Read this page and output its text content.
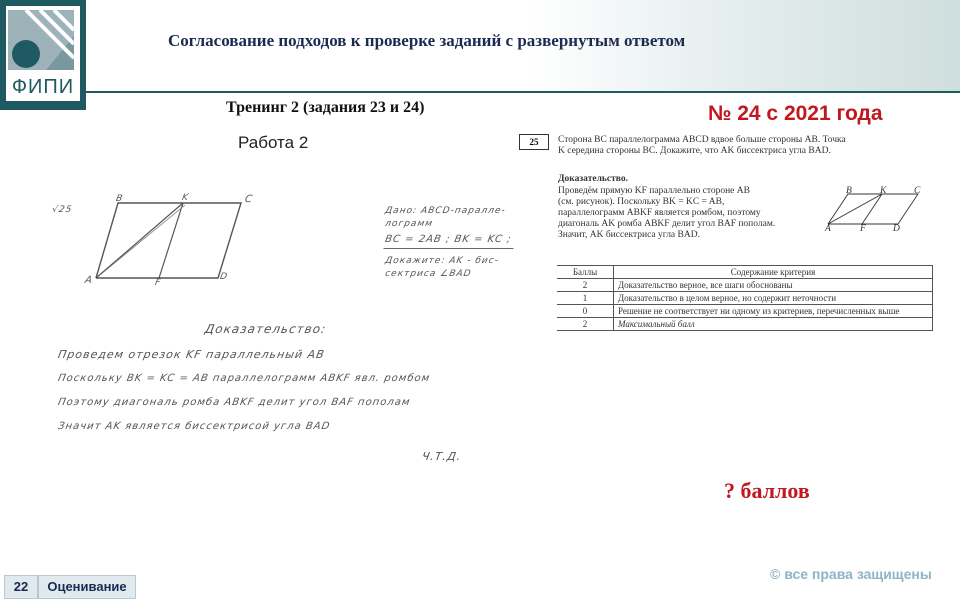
ФИПИ
Согласование подходов к проверке заданий с развернутым ответом
Тренинг 2 (задания 23 и 24)
Работа 2
№ 24 с 2021 года
√25
B	K	C
A	F
D
Дано: ABCD-паралле-
лограмм
BC = 2AB ; BK = KC ;
Докажите: AK - бис-
сектриса ∠BAD
Доказательство:
Проведем отрезок KF параллельный AB
Поскольку BK = KC = AB параллелограмм ABKF явл. ромбом
Поэтому диагональ ромба ABKF делит угол BAF пополам
Значит AK является биссектрисой угла BAD
Ч.Т.Д.
25	Сторона BC параллелограмма ABCD вдвое больше стороны AB. Точка
K середина стороны BC. Докажите, что AK биссектриса угла BAD.
Доказательство.
Проведём прямую KF параллельно стороне AB
(см. рисунок). Поскольку BK = KC = AB,
параллелограмм ABKF является ромбом, поэтому
диагональ AK ромба ABKF делит угол BAF пополам.
Значит, AK биссектриса угла BAD.
B	K	C
A	F	D
Баллы	Содержание критерия
2	Доказательство верное, все шаги обоснованы
1	Доказательство в целом верное, но содержит неточности
0	Решение не соответствует ни одному из критериев, перечисленных выше
2	Максимальный балл
? баллов
© все права защищены
22	Оценивание
